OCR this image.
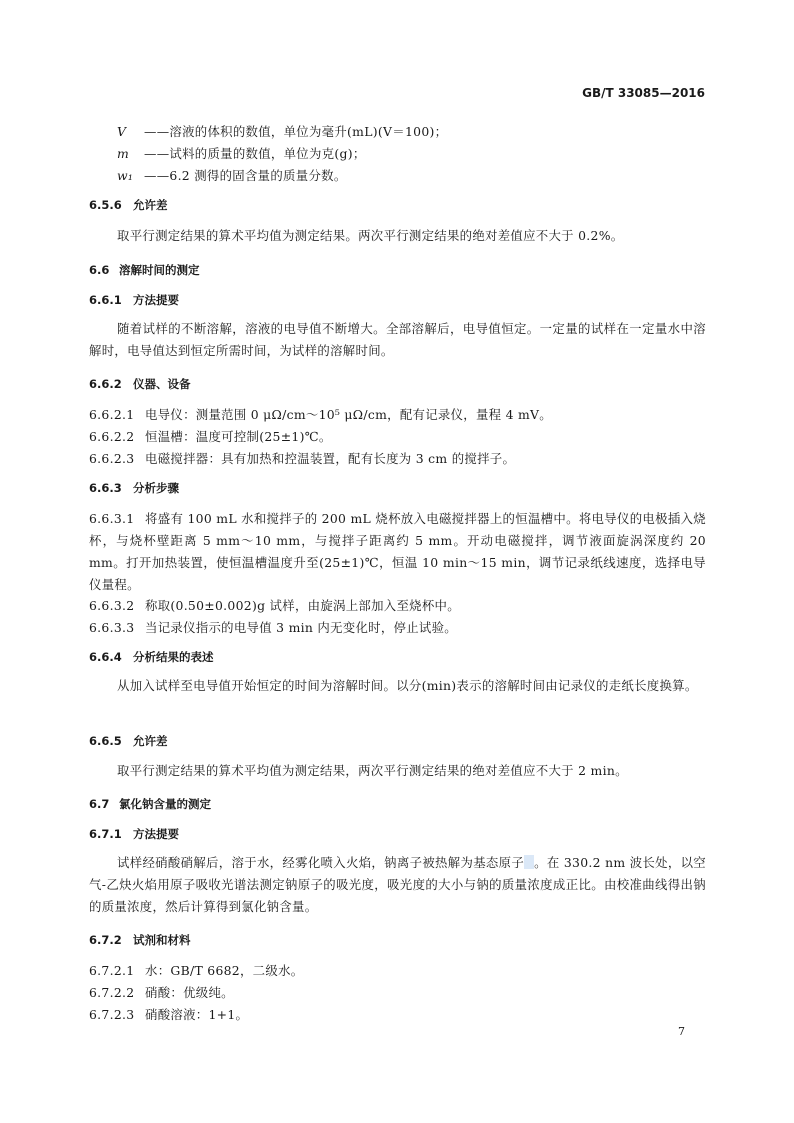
GB/T 33085—2016
V ——溶液的体积的数值，单位为毫升(mL)(V＝100)；
m ——试料的质量的数值，单位为克(g)；
w₁ ——6.2 测得的固含量的质量分数。
6.5.6 允许差
取平行测定结果的算术平均值为测定结果。两次平行测定结果的绝对差值应不大于 0.2%。
6.6 溶解时间的测定
6.6.1 方法提要
随着试样的不断溶解，溶液的电导值不断增大。全部溶解后，电导值恒定。一定量的试样在一定量水中溶解时，电导值达到恒定所需时间，为试样的溶解时间。
6.6.2 仪器、设备
6.6.2.1 电导仪：测量范围 0 μΩ/cm～10⁵ μΩ/cm，配有记录仪，量程 4 mV。
6.6.2.2 恒温槽：温度可控制(25±1)℃。
6.6.2.3 电磁搅拌器：具有加热和控温装置，配有长度为 3 cm 的搅拌子。
6.6.3 分析步骤
6.6.3.1 将盛有 100 mL 水和搅拌子的 200 mL 烧杯放入电磁搅拌器上的恒温槽中。将电导仪的电极插入烧杯，与烧杯壁距离 5 mm～10 mm，与搅拌子距离约 5 mm。开动电磁搅拌，调节液面旋涡深度约 20 mm。打开加热装置，使恒温槽温度升至(25±1)℃，恒温 10 min～15 min，调节记录纸线速度，选择电导仪量程。
6.6.3.2 称取(0.50±0.002)g 试样，由旋涡上部加入至烧杯中。
6.6.3.3 当记录仪指示的电导值 3 min 内无变化时，停止试验。
6.6.4 分析结果的表述
从加入试样至电导值开始恒定的时间为溶解时间。以分(min)表示的溶解时间由记录仪的走纸长度换算。
6.6.5 允许差
取平行测定结果的算术平均值为测定结果，两次平行测定结果的绝对差值应不大于 2 min。
6.7 氯化钠含量的测定
6.7.1 方法提要
试样经硝酸硝解后，溶于水，经雾化喷入火焰，钠离子被热解为基态原子 。在 330.2 nm 波长处，以空气-乙炔火焰用原子吸收光谱法测定钠原子的吸光度，吸光度的大小与钠的质量浓度成正比。由校准曲线得出钠的质量浓度，然后计算得到氯化钠含量。
6.7.2 试剂和材料
6.7.2.1 水：GB/T 6682，二级水。
6.7.2.2 硝酸：优级纯。
6.7.2.3 硝酸溶液：1+1。
7
